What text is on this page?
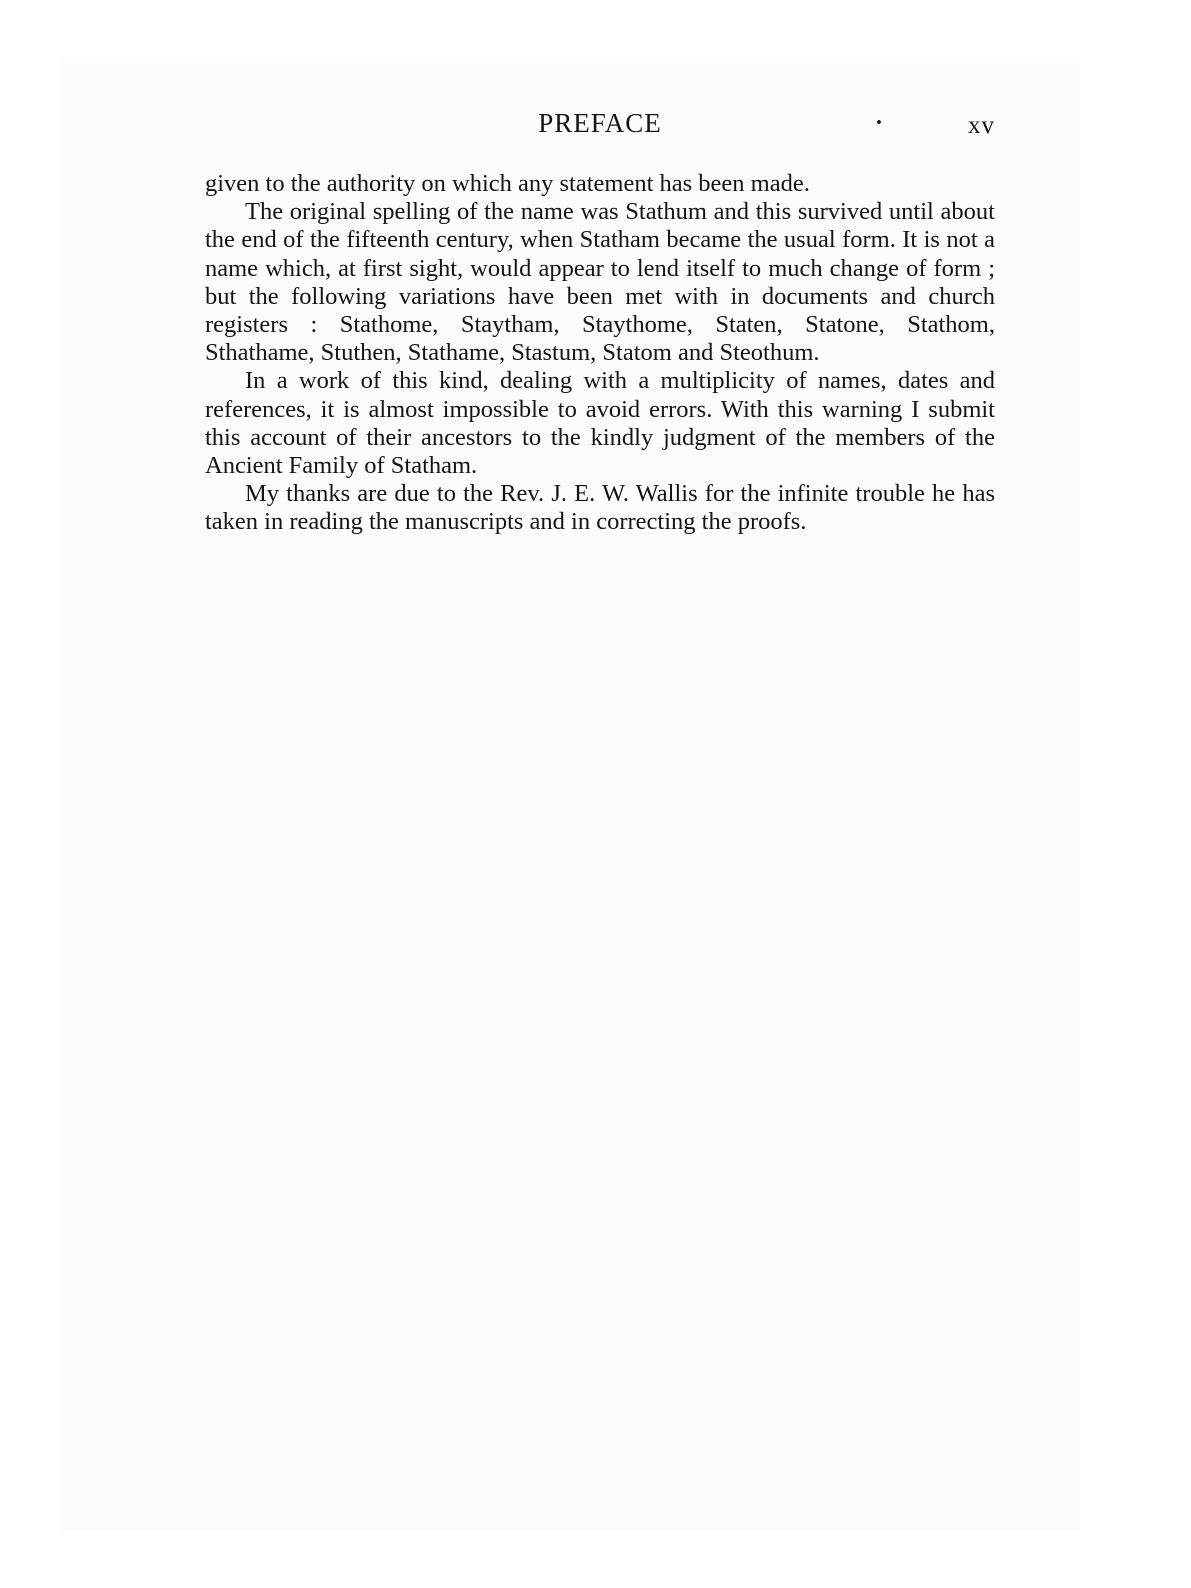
PREFACE	·	xv

given to the authority on which any statement has been made.

The original spelling of the name was Stathum and this survived until about the end of the fifteenth century, when Statham became the usual form. It is not a name which, at first sight, would appear to lend itself to much change of form ; but the following variations have been met with in documents and church registers : Stathome, Staytham, Staythome, Staten, Statone, Stathom, Sthathame, Stuthen, Stathame, Stastum, Statom and Steothum.

In a work of this kind, dealing with a multiplicity of names, dates and references, it is almost impossible to avoid errors. With this warning I submit this account of their ancestors to the kindly judgment of the members of the Ancient Family of Statham.

My thanks are due to the Rev. J. E. W. Wallis for the infinite trouble he has taken in reading the manuscripts and in correcting the proofs.
